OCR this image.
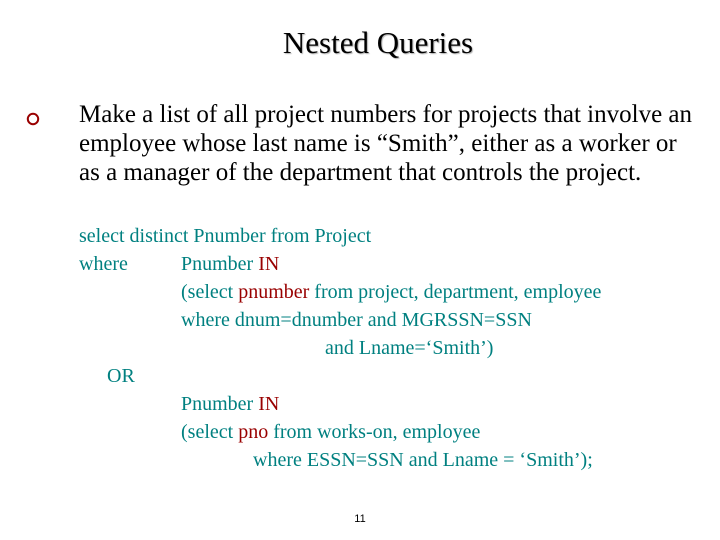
Nested Queries
Make a list of all project numbers for projects that involve an employee whose last name is “Smith”, either as a worker or as a manager of the department that controls the project.
select distinct Pnumber from Project
where	Pnumber IN
(select pnumber from project, department, employee
where dnum=dnumber and MGRSSN=SSN
and Lname=‘Smith’)
OR
Pnumber IN
(select pno from works-on, employee
where ESSN=SSN and Lname = ‘Smith’);
11
